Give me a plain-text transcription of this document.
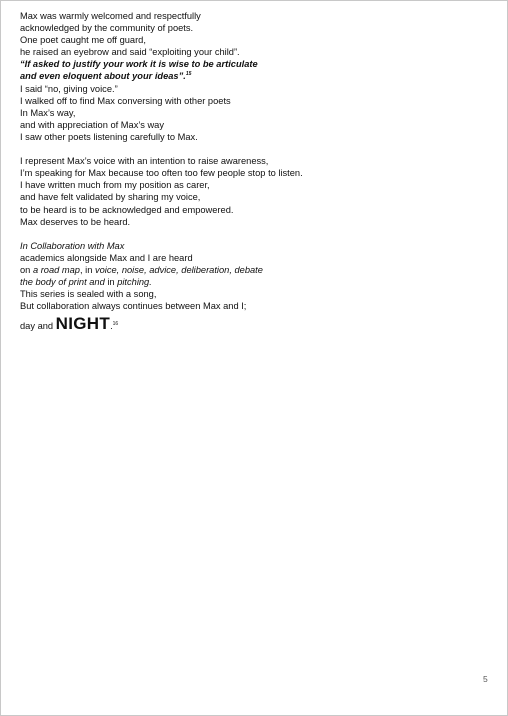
Max was warmly welcomed and respectfully
acknowledged by the community of poets.
One poet caught me off guard,
he raised an eyebrow and said “exploiting your child”.
“If asked to justify your work it is wise to be articulate
and even eloquent about your ideas”.$^{15}$
I said “no, giving voice.”
I walked off to find Max conversing with other poets
In Max’s way,
and with appreciation of Max’s way
I saw other poets listening carefully to Max.
I represent Max’s voice with an intention to raise awareness,
I’m speaking for Max because too often too few people stop to listen.
I have written much from my position as carer,
and have felt validated by sharing my voice,
to be heard is to be acknowledged and empowered.
Max deserves to be heard.
In Collaboration with Max
academics alongside Max and I are heard
on a road map, in voice, noise, advice, deliberation, debate
the body of print and in pitching.
This series is sealed with a song,
But collaboration always continues between Max and I;
day and NIGHT.$^{16}$
5
